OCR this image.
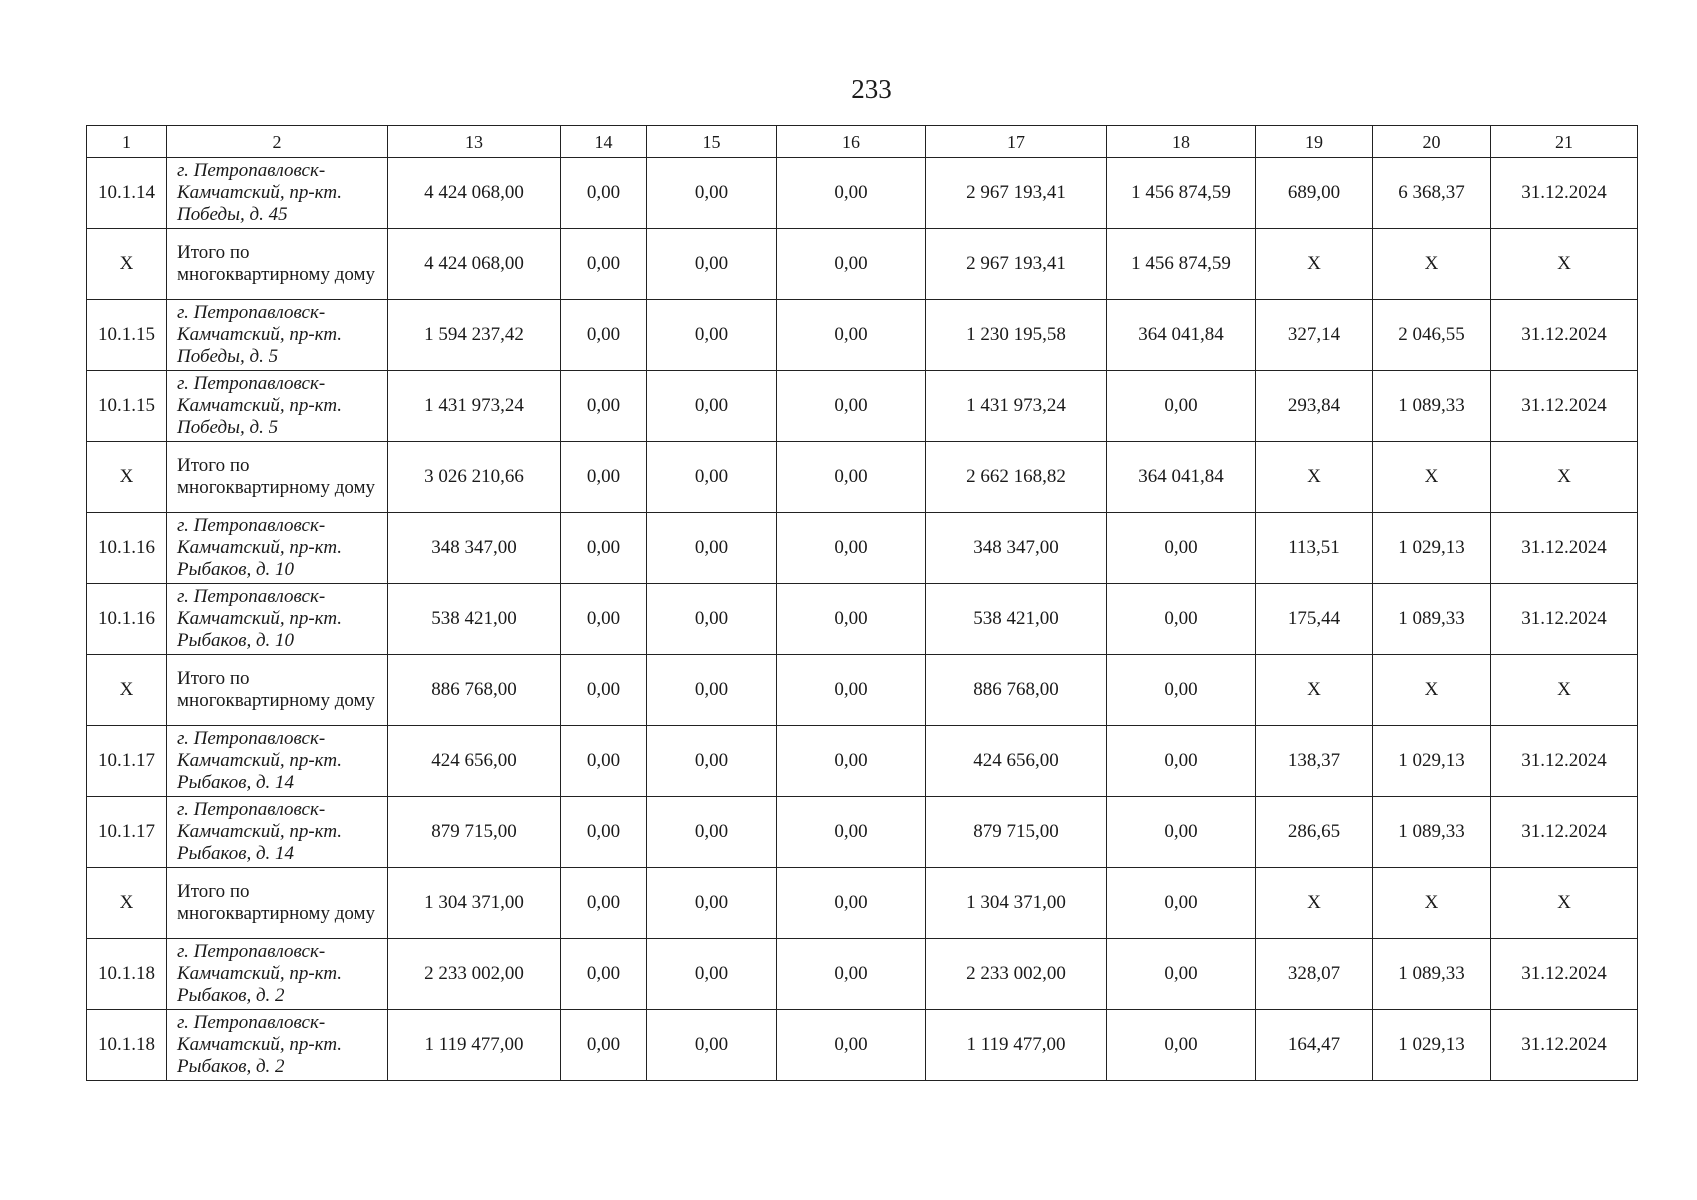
233
1	2	13	14	15	16	17	18	19	20	21
10.1.14	г. Петропавловск-Камчатский, пр-кт. Победы, д. 45	4 424 068,00	0,00	0,00	0,00	2 967 193,41	1 456 874,59	689,00	6 368,37	31.12.2024
X	Итого по многоквартирному дому	4 424 068,00	0,00	0,00	0,00	2 967 193,41	1 456 874,59	X	X	X
10.1.15	г. Петропавловск-Камчатский, пр-кт. Победы, д. 5	1 594 237,42	0,00	0,00	0,00	1 230 195,58	364 041,84	327,14	2 046,55	31.12.2024
10.1.15	г. Петропавловск-Камчатский, пр-кт. Победы, д. 5	1 431 973,24	0,00	0,00	0,00	1 431 973,24	0,00	293,84	1 089,33	31.12.2024
X	Итого по многоквартирному дому	3 026 210,66	0,00	0,00	0,00	2 662 168,82	364 041,84	X	X	X
10.1.16	г. Петропавловск-Камчатский, пр-кт. Рыбаков, д. 10	348 347,00	0,00	0,00	0,00	348 347,00	0,00	113,51	1 029,13	31.12.2024
10.1.16	г. Петропавловск-Камчатский, пр-кт. Рыбаков, д. 10	538 421,00	0,00	0,00	0,00	538 421,00	0,00	175,44	1 089,33	31.12.2024
X	Итого по многоквартирному дому	886 768,00	0,00	0,00	0,00	886 768,00	0,00	X	X	X
10.1.17	г. Петропавловск-Камчатский, пр-кт. Рыбаков, д. 14	424 656,00	0,00	0,00	0,00	424 656,00	0,00	138,37	1 029,13	31.12.2024
10.1.17	г. Петропавловск-Камчатский, пр-кт. Рыбаков, д. 14	879 715,00	0,00	0,00	0,00	879 715,00	0,00	286,65	1 089,33	31.12.2024
X	Итого по многоквартирному дому	1 304 371,00	0,00	0,00	0,00	1 304 371,00	0,00	X	X	X
10.1.18	г. Петропавловск-Камчатский, пр-кт. Рыбаков, д. 2	2 233 002,00	0,00	0,00	0,00	2 233 002,00	0,00	328,07	1 089,33	31.12.2024
10.1.18	г. Петропавловск-Камчатский, пр-кт. Рыбаков, д. 2	1 119 477,00	0,00	0,00	0,00	1 119 477,00	0,00	164,47	1 029,13	31.12.2024
